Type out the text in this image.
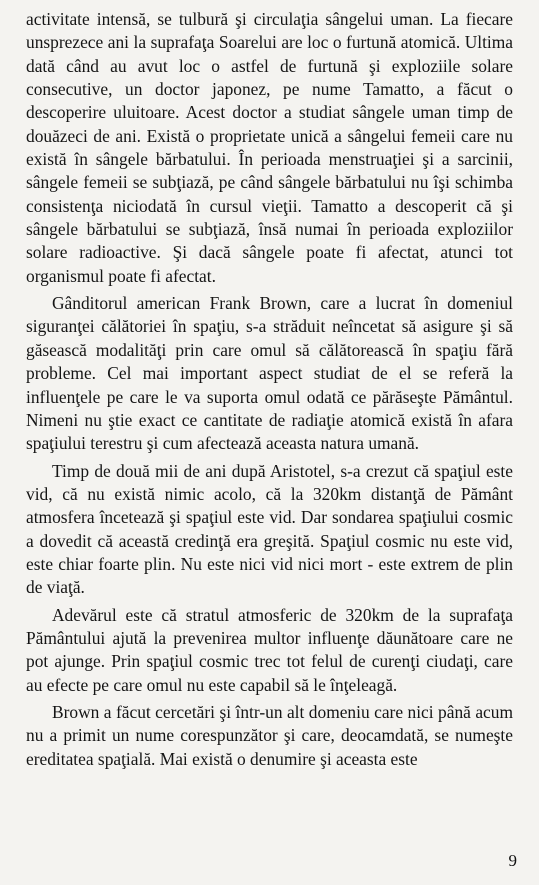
activitate intensă, se tulbură şi circulaţia sângelui uman. La fiecare unsprezece ani la suprafaţa Soarelui are loc o furtună atomică. Ultima dată când au avut loc o astfel de furtună şi exploziile solare consecutive, un doctor japonez, pe nume Tamatto, a făcut o descoperire uluitoare. Acest doctor a studiat sângele uman timp de douăzeci de ani. Există o proprietate unică a sângelui femeii care nu există în sângele bărbatului. În perioada menstruaţiei şi a sarcinii, sângele femeii se subţiază, pe când sângele bărbatului nu îşi schimba consistenţa niciodată în cursul vieţii. Tamatto a descoperit că şi sângele bărbatului se subţiază, însă numai în perioada exploziilor solare radioactive. Şi dacă sângele poate fi afectat, atunci tot organismul poate fi afectat.

Gânditorul american Frank Brown, care a lucrat în domeniul siguranţei călătoriei în spaţiu, s-a străduit neîncetat să asigure şi să găsească modalităţi prin care omul să călătorească în spaţiu fără probleme. Cel mai important aspect studiat de el se referă la influenţele pe care le va suporta omul odată ce părăseşte Pământul. Nimeni nu ştie exact ce cantitate de radiaţie atomică există în afara spaţiului terestru şi cum afectează aceasta natura umană.

Timp de două mii de ani după Aristotel, s-a crezut că spaţiul este vid, că nu există nimic acolo, că la 320km distanţă de Pământ atmosfera încetează şi spaţiul este vid. Dar sondarea spaţiului cosmic a dovedit că această credinţă era greşită. Spaţiul cosmic nu este vid, este chiar foarte plin. Nu este nici vid nici mort - este extrem de plin de viaţă.

Adevărul este că stratul atmosferic de 320km de la suprafaţa Pământului ajută la prevenirea multor influenţe dăunătoare care ne pot ajunge. Prin spaţiul cosmic trec tot felul de curenţi ciudaţi, care au efecte pe care omul nu este capabil să le înţeleagă.

Brown a făcut cercetări şi într-un alt domeniu care nici până acum nu a primit un nume corespunzător şi care, deocamdată, se numeşte ereditatea spaţială. Mai există o denumire şi aceasta este

9
